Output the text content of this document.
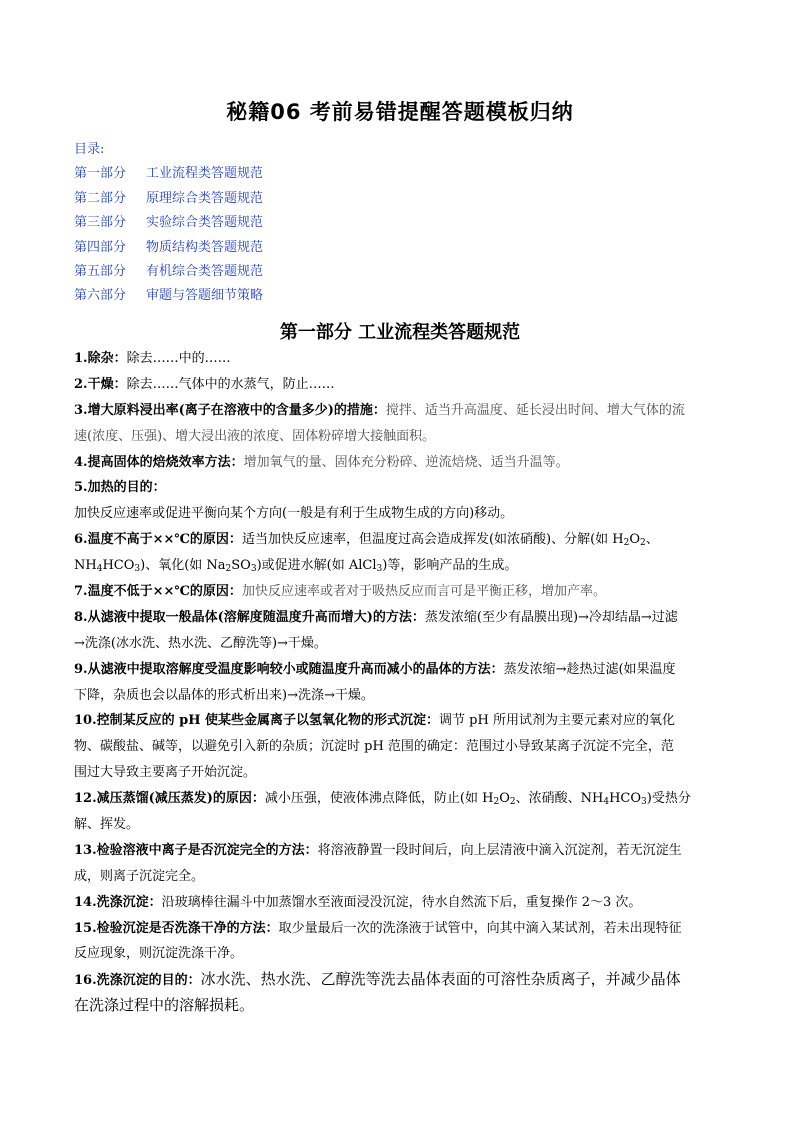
秘籍06 考前易错提醒答题模板归纳
目录:
第一部分 工业流程类答题规范
第二部分 原理综合类答题规范
第三部分 实验综合类答题规范
第四部分 物质结构类答题规范
第五部分 有机综合类答题规范
第六部分 审题与答题细节策略
第一部分 工业流程类答题规范
1.除杂：除去……中的……
2.干燥：除去……气体中的水蒸气，防止……
3.增大原料浸出率(离子在溶液中的含量多少)的措施：搅拌、适当升高温度、延长浸出时间、增大气体的流
速(浓度、压强)、增大浸出液的浓度、固体粉碎增大接触面积。
4.提高固体的焙烧效率方法：增加氧气的量、固体充分粉碎、逆流焙烧、适当升温等。
5.加热的目的：
加快反应速率或促进平衡向某个方向(一般是有利于生成物生成的方向)移动。
6.温度不高于××℃的原因：适当加快反应速率，但温度过高会造成挥发(如浓硝酸)、分解(如 $H_2O_2$、
$NH_4HCO_3$)、氧化(如 $Na_2SO_3$)或促进水解(如 AlCl$_3$)等，影响产品的生成。
7.温度不低于××℃的原因：加快反应速率或者对于吸热反应而言可是平衡正移，增加产率。
8.从滤液中提取一般晶体(溶解度随温度升高而增大)的方法：蒸发浓缩(至少有晶膜出现)→冷却结晶→过滤
→洗涤(冰水洗、热水洗、乙醇洗等)→干燥。
9.从滤液中提取溶解度受温度影响较小或随温度升高而减小的晶体的方法：蒸发浓缩→趁热过滤(如果温度
下降，杂质也会以晶体的形式析出来)→洗涤→干燥。
10.控制某反应的 pH 使某些金属离子以氢氧化物的形式沉淀：调节 pH 所用试剂为主要元素对应的氧化
物、碳酸盐、碱等，以避免引入新的杂质；沉淀时 pH 范围的确定：范围过小导致某离子沉淀不完全，范
围过大导致主要离子开始沉淀。
12.减压蒸馏(减压蒸发)的原因：减小压强，使液体沸点降低，防止(如 $H_2O_2$、浓硝酸、$NH_4HCO_3$)受热分
解、挥发。
13.检验溶液中离子是否沉淀完全的方法：将溶液静置一段时间后，向上层清液中滴入沉淀剂，若无沉淀生
成，则离子沉淀完全。
14.洗涤沉淀：沿玻璃棒往漏斗中加蒸馏水至液面浸没沉淀，待水自然流下后，重复操作 2～3 次。
15.检验沉淀是否洗涤干净的方法：取少量最后一次的洗涤液于试管中，向其中滴入某试剂，若未出现特征
反应现象，则沉淀洗涤干净。
16.洗涤沉淀的目的：冰水洗、热水洗、乙醇洗等洗去晶体表面的可溶性杂质离子，并减少晶体
在洗涤过程中的溶解损耗。
